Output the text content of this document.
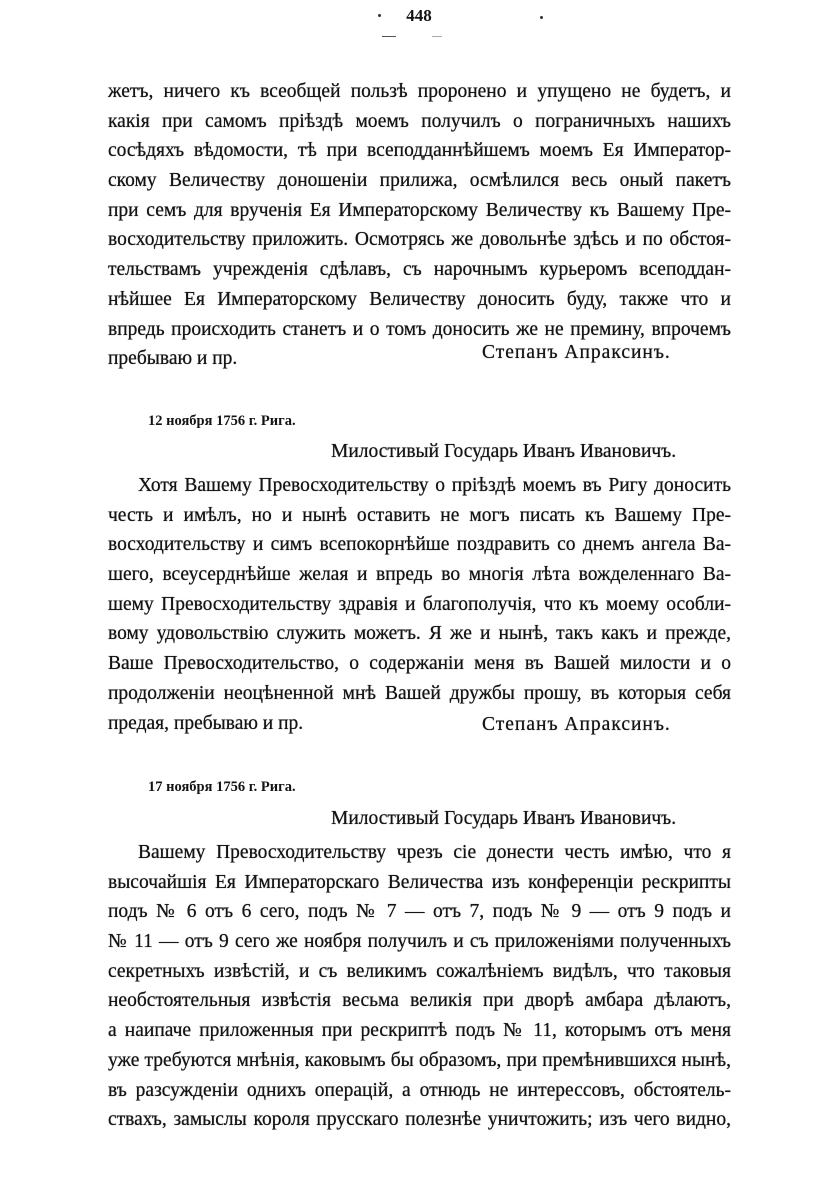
448
жетъ, ничего къ всеобщей пользѣ проронено и упущено не будетъ, и
какія при самомъ пріѣздѣ моемъ получилъ о пограничныхъ нашихъ
сосѣдяхъ вѣдомости, тѣ при всеподданнѣйшемъ моемъ Ея Император-
скому Величеству доношеніи прилижа, осмѣлился весь оный пакетъ
при семъ для врученія Ея Императорскому Величеству къ Вашему Пре-
восходительству приложить. Осмотрясь же довольнѣе здѣсь и по обстоя-
тельствамъ учрежденія сдѣлавъ, съ нарочнымъ курьеромъ всеподдан-
нѣйшее Ея Императорскому Величеству доносить буду, также что и
впредь происходить станетъ и о томъ доносить же не премину, впрочемъ
пребываю и пр.	Степанъ Апраксинъ.
12 ноября 1756 г. Рига.
Милостивый Государь Иванъ Ивановичъ.
Хотя Вашему Превосходительству о пріѣздѣ моемъ въ Ригу доносить
честь и имѣлъ, но и нынѣ оставить не могъ писать къ Вашему Пре-
восходительству и симъ всепокорнѣйше поздравить со днемъ ангела Ва-
шего, всеусерднѣйше желая и впредь во многія лѣта вожделеннаго Ва-
шему Превосходительству здравія и благополучія, что къ моему особли-
вому удовольствію служить можетъ. Я же и нынѣ, такъ какъ и прежде,
Ваше Превосходительство, о содержаніи меня въ Вашей милости и о
продолженіи неоцѣненной мнѣ Вашей дружбы прошу, въ которыя себя
предая, пребываю и пр.	Степанъ Апраксинъ.
17 ноября 1756 г. Рига.
Милостивый Государь Иванъ Ивановичъ.
Вашему Превосходительству чрезъ сіе донести честь имѣю, что я
высочайшія Ея Императорскаго Величества изъ конференціи рескрипты
подъ № 6 отъ 6 сего, подъ № 7 — отъ 7, подъ № 9 — отъ 9 подъ и
№ 11 — отъ 9 сего же ноября получилъ и съ приложеніями полученныхъ
секретныхъ извѣстій, и съ великимъ сожалѣніемъ видѣлъ, что таковыя
необстоятельныя извѣстія весьма великія при дворѣ амбара дѣлаютъ,
а наипаче приложенныя при рескриптѣ подъ № 11, которымъ отъ меня
уже требуются мнѣнія, каковымъ бы образомъ, при премѣнившихся нынѣ,
въ разсужденіи однихъ операцій, а отнюдь не интерессовъ, обстоятель-
ствахъ, замыслы короля прусскаго полезнѣе уничтожить; изъ чего видно,
